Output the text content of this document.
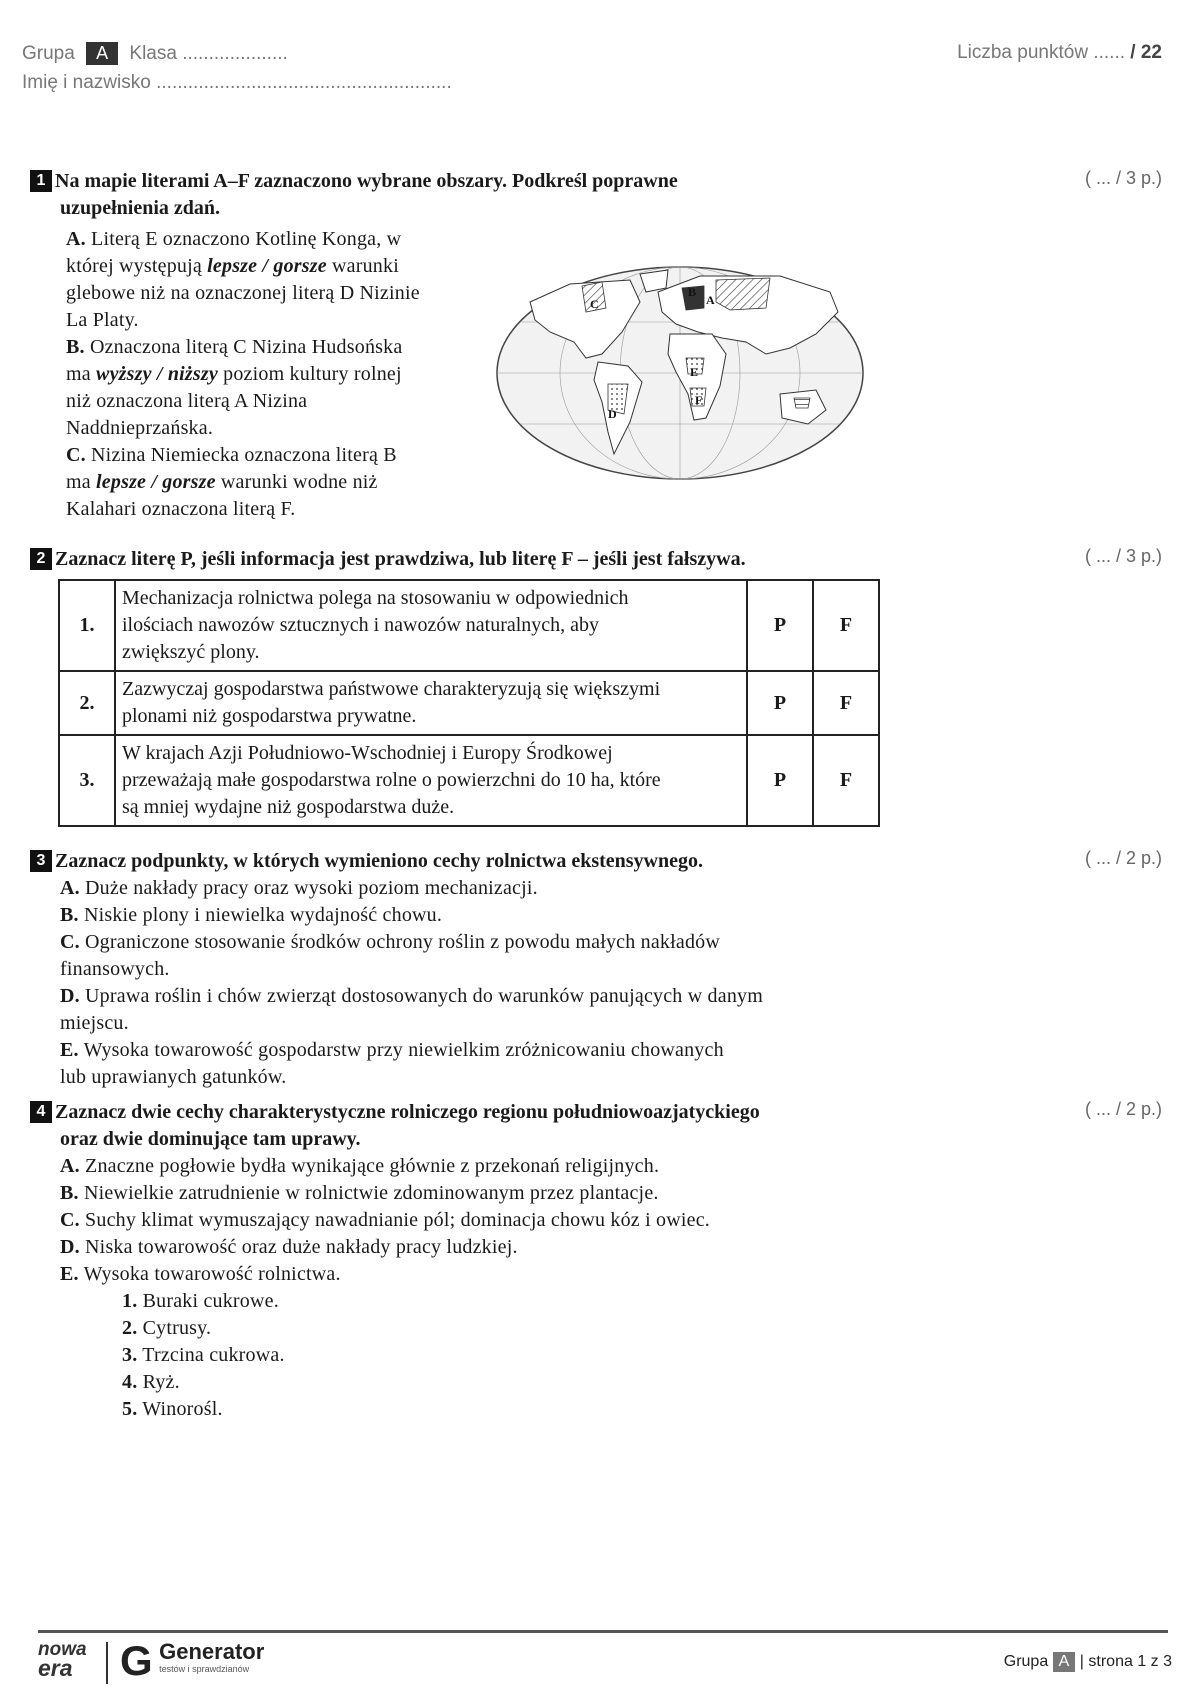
Grupa A Klasa ....................
Imię i nazwisko ........................................................
Liczba punktów ...... / 22
1 Na mapie literami A–F zaznaczono wybrane obszary. Podkreśl poprawne
uzupełnienia zdań.
A. Literą E oznaczono Kotlinę Konga, w
której występują lepsze / gorsze warunki
glebowe niż na oznaczonej literą D Nizinie
La Platy.
B. Oznaczona literą C Nizina Hudsońska
ma wyższy / niższy poziom kultury rolnej
niż oznaczona literą A Nizina
Naddnieprzańska.
C. Nizina Niemiecka oznaczona literą B
ma lepsze / gorsze warunki wodne niż
Kalahari oznaczona literą F.
( ... / 3 p.)
A
B
C
D
E
F
2 Zaznacz literę P, jeśli informacja jest prawdziwa, lub literę F – jeśli jest fałszywa.	( ... / 3 p.)
1.	Mechanizacja rolnictwa polega na stosowaniu w odpowiednich
ilościach nawozów sztucznych i nawozów naturalnych, aby
zwiększyć plony.	P	F
2.	Zazwyczaj gospodarstwa państwowe charakteryzują się większymi
plonami niż gospodarstwa prywatne.	P	F
3.	W krajach Azji Południowo-Wschodniej i Europy Środkowej
przeważają małe gospodarstwa rolne o powierzchni do 10 ha, które
są mniej wydajne niż gospodarstwa duże.	P	F
3 Zaznacz podpunkty, w których wymieniono cechy rolnictwa ekstensywnego.
A. Duże nakłady pracy oraz wysoki poziom mechanizacji.
B. Niskie plony i niewielka wydajność chowu.
C. Ograniczone stosowanie środków ochrony roślin z powodu małych nakładów
finansowych.
D. Uprawa roślin i chów zwierząt dostosowanych do warunków panujących w danym
miejscu.
E. Wysoka towarowość gospodarstw przy niewielkim zróżnicowaniu chowanych
lub uprawianych gatunków.
( ... / 2 p.)
4 Zaznacz dwie cechy charakterystyczne rolniczego regionu południowoazjatyckiego
oraz dwie dominujące tam uprawy.
A. Znaczne pogłowie bydła wynikające głównie z przekonań religijnych.
B. Niewielkie zatrudnienie w rolnictwie zdominowanym przez plantacje.
C. Suchy klimat wymuszający nawadnianie pól; dominacja chowu kóz i owiec.
D. Niska towarowość oraz duże nakłady pracy ludzkiej.
E. Wysoka towarowość rolnictwa.
1. Buraki cukrowe.
2. Cytrusy.
3. Trzcina cukrowa.
4. Ryż.
5. Winorośl.
( ... / 2 p.)
nowa
era	G Generator
testów i sprawdzianów	Grupa A | strona 1 z 3
